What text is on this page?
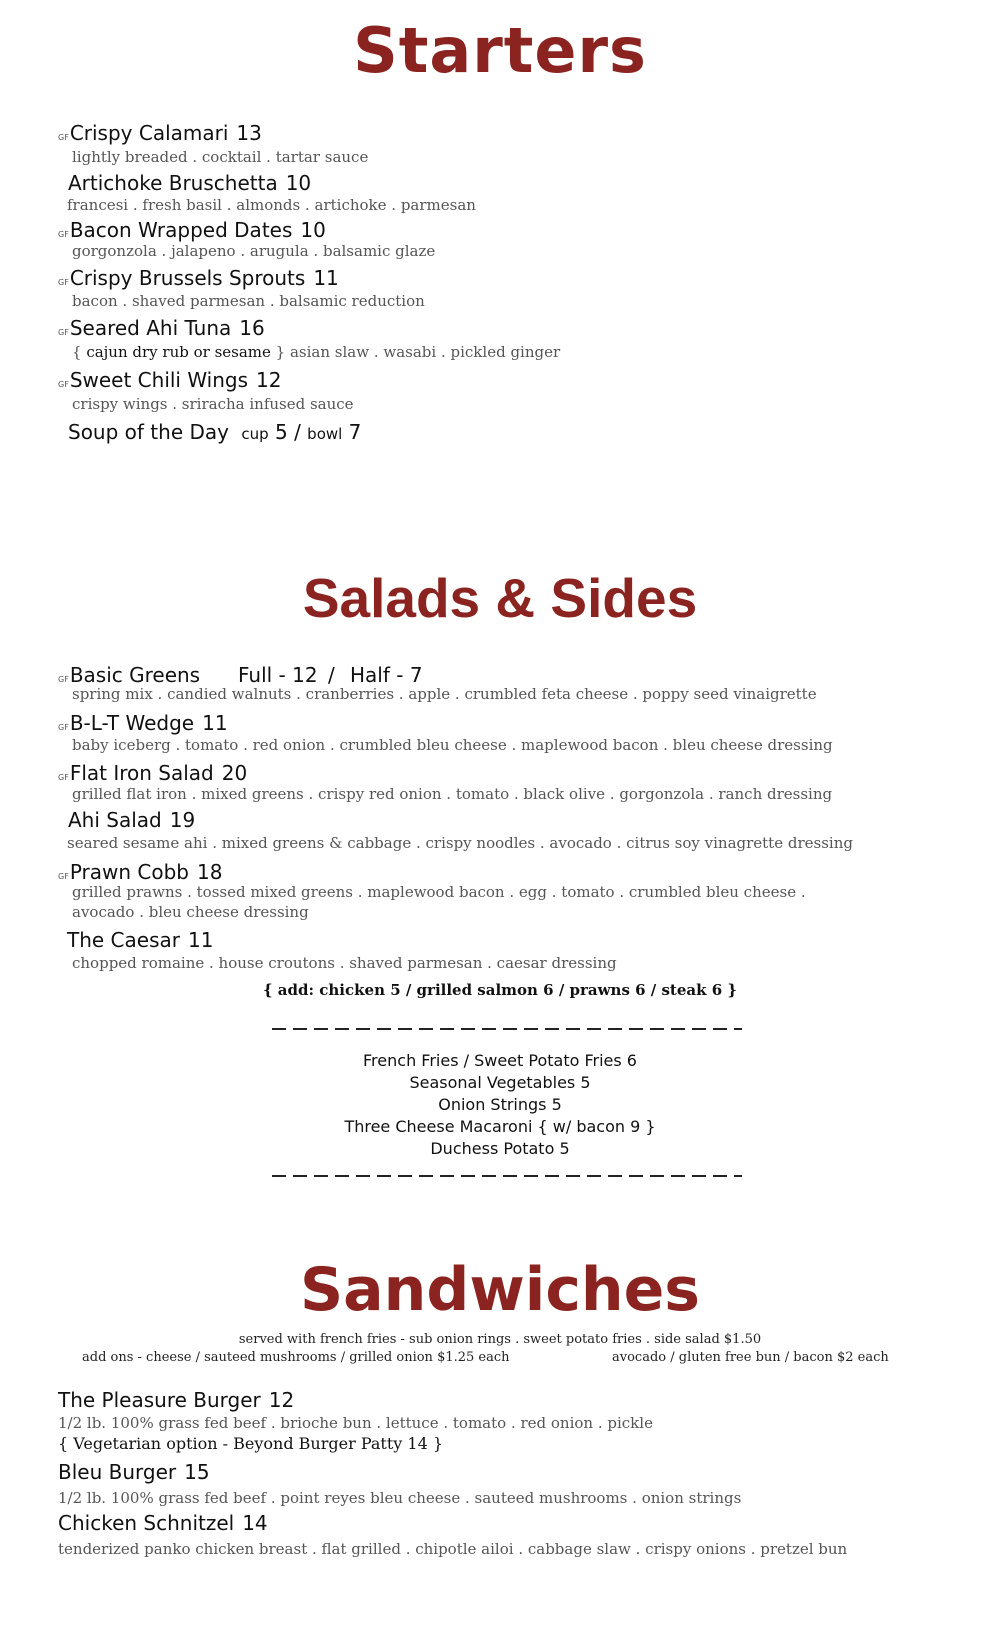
Starters
GFCrispy Calamari 13
lightly breaded . cocktail . tartar sauce
Artichoke Bruschetta 10
francesi . fresh basil . almonds . artichoke . parmesan
GFBacon Wrapped Dates 10
gorgonzola . jalapeno . arugula . balsamic glaze
GFCrispy Brussels Sprouts 11
bacon . shaved parmesan . balsamic reduction
GFSeared Ahi Tuna 16
{ cajun dry rub or sesame } asian slaw . wasabi . pickled ginger
GFSweet Chili Wings 12
crispy wings . sriracha infused sauce
Soup of the Day cup 5 / bowl 7
Salads & Sides
GFBasic Greens Full - 12 / Half - 7
spring mix . candied walnuts . cranberries . apple . crumbled feta cheese . poppy seed vinaigrette
GFB-L-T Wedge 11
baby iceberg . tomato . red onion . crumbled bleu cheese . maplewood bacon . bleu cheese dressing
GFFlat Iron Salad 20
grilled flat iron . mixed greens . crispy red onion . tomato . black olive . gorgonzola . ranch dressing
Ahi Salad 19
seared sesame ahi . mixed greens & cabbage . crispy noodles . avocado . citrus soy vinagrette dressing
GFPrawn Cobb 18
grilled prawns . tossed mixed greens . maplewood bacon . egg . tomato . crumbled bleu cheese .
avocado . bleu cheese dressing
The Caesar 11
chopped romaine . house croutons . shaved parmesan . caesar dressing
{ add: chicken 5 / grilled salmon 6 / prawns 6 / steak 6 }
French Fries / Sweet Potato Fries 6
Seasonal Vegetables 5
Onion Strings 5
Three Cheese Macaroni { w/ bacon 9 }
Duchess Potato 5
Sandwiches
served with french fries - sub onion rings . sweet potato fries . side salad $1.50
add ons - cheese / sauteed mushrooms / grilled onion $1.25 each	avocado / gluten free bun / bacon $2 each
The Pleasure Burger 12
1/2 lb. 100% grass fed beef . brioche bun . lettuce . tomato . red onion . pickle
{ Vegetarian option - Beyond Burger Patty 14 }
Bleu Burger 15
1/2 lb. 100% grass fed beef . point reyes bleu cheese . sauteed mushrooms . onion strings
Chicken Schnitzel 14
tenderized panko chicken breast . flat grilled . chipotle ailoi . cabbage slaw . crispy onions . pretzel bun
